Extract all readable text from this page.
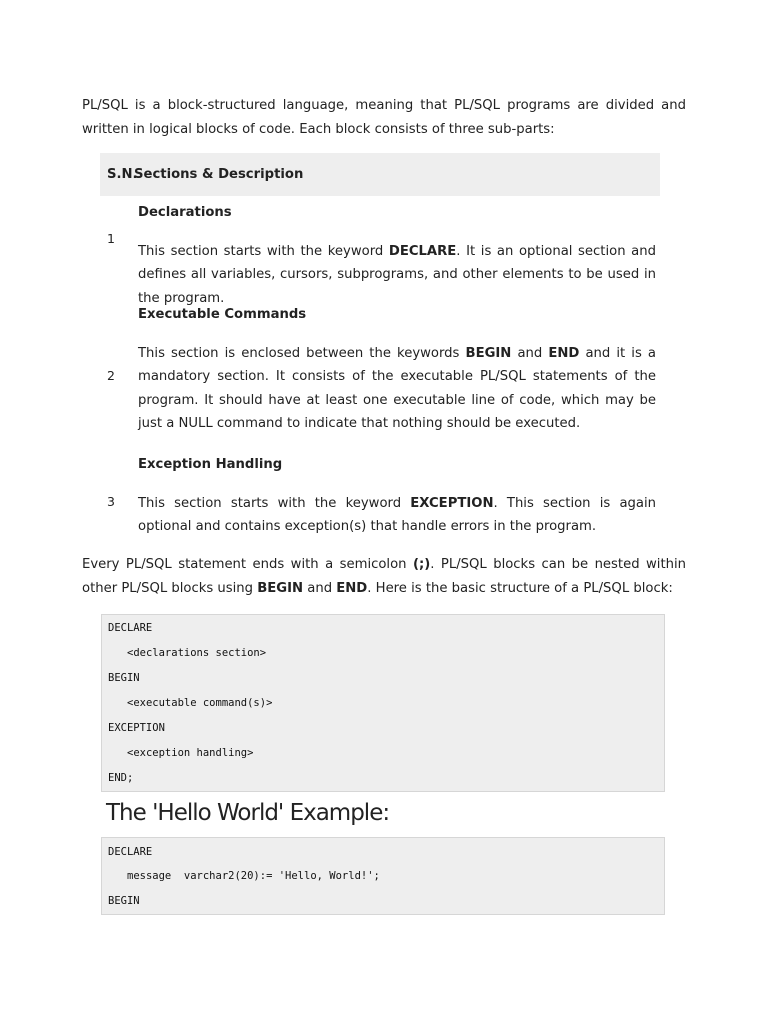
PL/SQL is a block-structured language, meaning that PL/SQL programs are divided and written in logical blocks of code. Each block consists of three sub-parts:

S.N.
Sections & Description
1
Declarations
This section starts with the keyword DECLARE. It is an optional section and defines all variables, cursors, subprograms, and other elements to be used in the program.
2
Executable Commands
This section is enclosed between the keywords BEGIN and END and it is a mandatory section. It consists of the executable PL/SQL statements of the program. It should have at least one executable line of code, which may be just a NULL command to indicate that nothing should be executed.
3
Exception Handling
This section starts with the keyword EXCEPTION. This section is again optional and contains exception(s) that handle errors in the program.

Every PL/SQL statement ends with a semicolon (;). PL/SQL blocks can be nested within other PL/SQL blocks using BEGIN and END. Here is the basic structure of a PL/SQL block:

DECLARE
<declarations section>
BEGIN
<executable command(s)>
EXCEPTION
<exception handling>
END;
The 'Hello World' Example:
DECLARE
message  varchar2(20):= 'Hello, World!';
BEGIN
